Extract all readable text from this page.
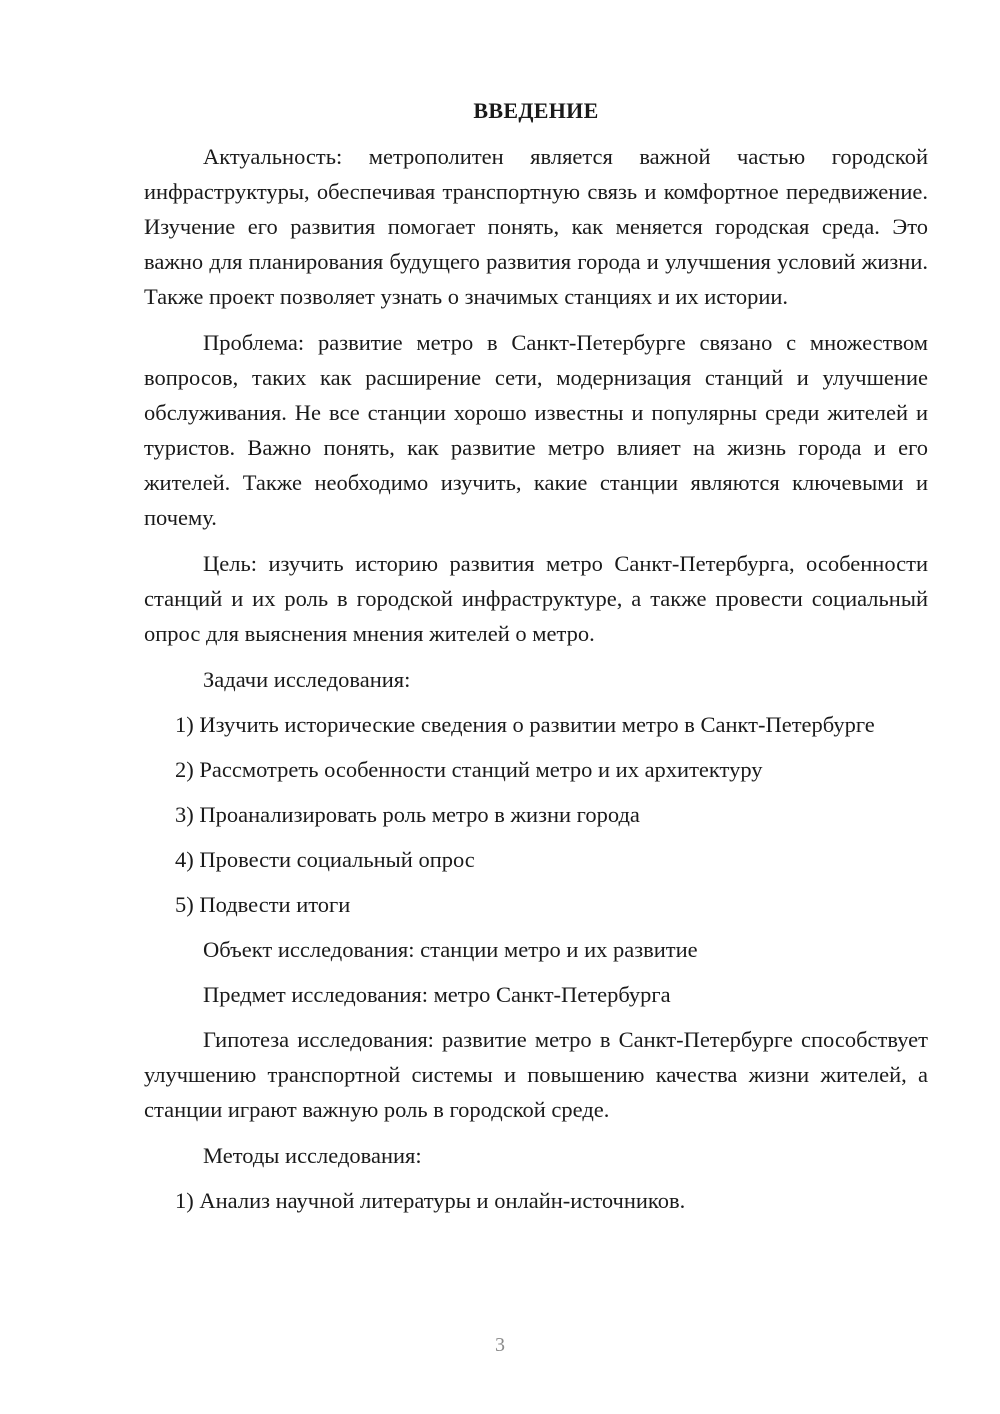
ВВЕДЕНИЕ
Актуальность: метрополитен является важной частью городской инфраструктуры, обеспечивая транспортную связь и комфортное передвижение. Изучение его развития помогает понять, как меняется городская среда. Это важно для планирования будущего развития города и улучшения условий жизни. Также проект позволяет узнать о значимых станциях и их истории.
Проблема: развитие метро в Санкт-Петербурге связано с множеством вопросов, таких как расширение сети, модернизация станций и улучшение обслуживания. Не все станции хорошо известны и популярны среди жителей и туристов. Важно понять, как развитие метро влияет на жизнь города и его жителей. Также необходимо изучить, какие станции являются ключевыми и почему.
Цель: изучить историю развития метро Санкт-Петербурга, особенности станций и их роль в городской инфраструктуре, а также провести социальный опрос для выяснения мнения жителей о метро.
Задачи исследования:
1) Изучить исторические сведения о развитии метро в Санкт-Петербурге
2) Рассмотреть особенности станций метро и их архитектуру
3) Проанализировать роль метро в жизни города
4) Провести социальный опрос
5) Подвести итоги
Объект исследования: станции метро и их развитие
Предмет исследования: метро Санкт-Петербурга
Гипотеза исследования: развитие метро в Санкт-Петербурге способствует улучшению транспортной системы и повышению качества жизни жителей, а станции играют важную роль в городской среде.
Методы исследования:
1) Анализ научной литературы и онлайн-источников.
3
